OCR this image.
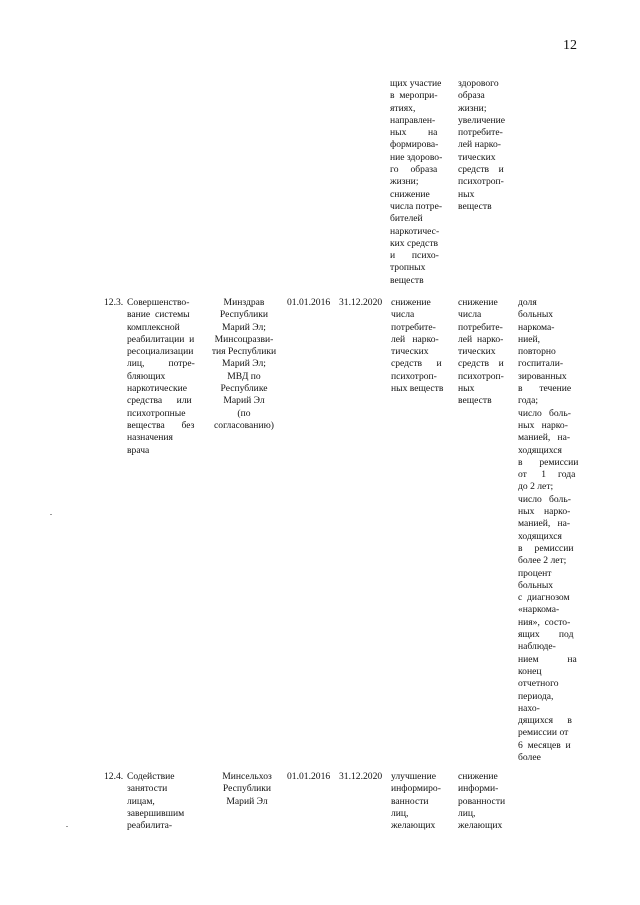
12
щих участие
в  меропри-
ятиях,
направлен-
ных         на
формирова-
ние здорово-
го     образа
жизни;
снижение
числа потре-
бителей
наркотичес-
ких средств
и       психо-
тропных
веществ
здорового
образа
жизни;
увеличение
потребите-
лей нарко-
тических
средств    и
психотроп-
ных
веществ
12.3. Совершенство-
вание  системы
комплексной
реабилитации  и
ресоциализации
лиц,          потре-
бляющих
наркотические
средства      или
психотропные
вещества       без
назначения
врача
Минздрав
Республики
Марий Эл;
Минсоцразви-
тия Республики
Марий Эл;
МВД по
Республике
Марий Эл
(по
согласованию)
01.01.2016 31.12.2020 снижение
числа
потребите-
лей   нарко-
тических
средств      и
психотроп-
ных веществ
снижение
числа
потребите-
лей  нарко-
тических
средств    и
психотроп-
ных
веществ
доля
больных
наркома-
нией,
повторно
госпитали-
зированных
в       течение
года;
число   боль-
ных   нарко-
манией,   на-
ходящихся
в       ремиссии
от      1     года
до 2 лет;
число   боль-
ных    нарко-
манией,   на-
ходящихся
в     ремиссии
более 2 лет;
процент
больных
с  диагнозом
«наркома-
ния»,  состо-
ящих        под
наблюде-
нием            на
конец
отчетного
периода,
нахо-
дящихся      в
ремиссии от
6  месяцев  и
более
12.4. Содействие
занятости
лицам,
завершившим
реабилита-
Минсельхоз
Республики
Марий Эл
01.01.2016 31.12.2020 улучшение
информиро-
ванности
лиц,
желающих
снижение
информи-
рованности
лиц,
желающих
